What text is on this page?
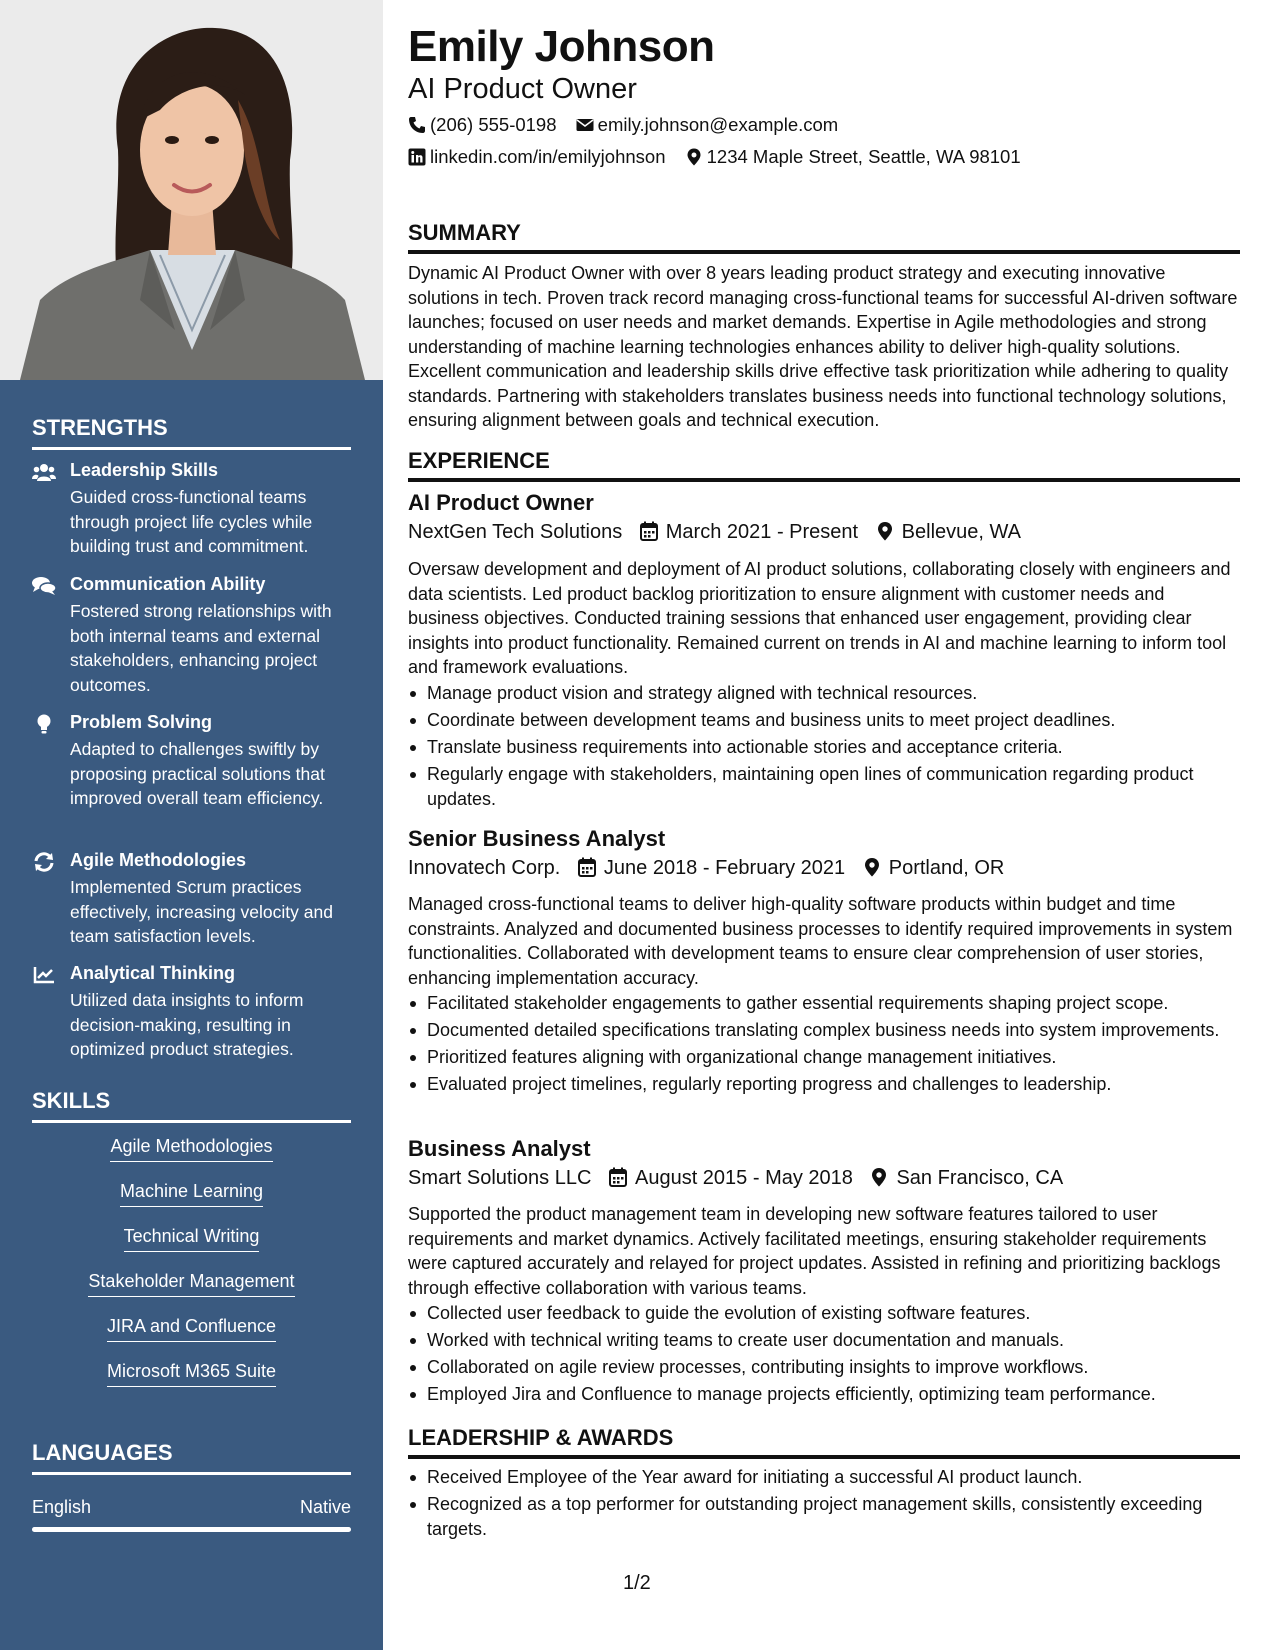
STRENGTHS
Leadership Skills
Guided cross-functional teams through project life cycles while building trust and commitment.
Communication Ability
Fostered strong relationships with both internal teams and external stakeholders, enhancing project outcomes.
Problem Solving
Adapted to challenges swiftly by proposing practical solutions that improved overall team efficiency.
Agile Methodologies
Implemented Scrum practices effectively, increasing velocity and team satisfaction levels.
Analytical Thinking
Utilized data insights to inform decision-making, resulting in optimized product strategies.
SKILLS
Agile Methodologies
Machine Learning
Technical Writing
Stakeholder Management
JIRA and Confluence
Microsoft M365 Suite
LANGUAGES
English	Native
Emily Johnson
AI Product Owner
(206) 555-0198 emily.johnson@example.com
linkedin.com/in/emilyjohnson 1234 Maple Street, Seattle, WA 98101
SUMMARY
Dynamic AI Product Owner with over 8 years leading product strategy and executing innovative solutions in tech. Proven track record managing cross-functional teams for successful AI-driven software launches; focused on user needs and market demands. Expertise in Agile methodologies and strong understanding of machine learning technologies enhances ability to deliver high-quality solutions. Excellent communication and leadership skills drive effective task prioritization while adhering to quality standards. Partnering with stakeholders translates business needs into functional technology solutions, ensuring alignment between goals and technical execution.
EXPERIENCE
AI Product Owner
NextGen Tech Solutions March 2021 - Present Bellevue, WA
Oversaw development and deployment of AI product solutions, collaborating closely with engineers and data scientists. Led product backlog prioritization to ensure alignment with customer needs and business objectives. Conducted training sessions that enhanced user engagement, providing clear insights into product functionality. Remained current on trends in AI and machine learning to inform tool and framework evaluations.
Manage product vision and strategy aligned with technical resources.
Coordinate between development teams and business units to meet project deadlines.
Translate business requirements into actionable stories and acceptance criteria.
Regularly engage with stakeholders, maintaining open lines of communication regarding product updates.
Senior Business Analyst
Innovatech Corp. June 2018 - February 2021 Portland, OR
Managed cross-functional teams to deliver high-quality software products within budget and time constraints. Analyzed and documented business processes to identify required improvements in system functionalities. Collaborated with development teams to ensure clear comprehension of user stories, enhancing implementation accuracy.
Facilitated stakeholder engagements to gather essential requirements shaping project scope.
Documented detailed specifications translating complex business needs into system improvements.
Prioritized features aligning with organizational change management initiatives.
Evaluated project timelines, regularly reporting progress and challenges to leadership.
Business Analyst
Smart Solutions LLC August 2015 - May 2018 San Francisco, CA
Supported the product management team in developing new software features tailored to user requirements and market dynamics. Actively facilitated meetings, ensuring stakeholder requirements were captured accurately and relayed for project updates. Assisted in refining and prioritizing backlogs through effective collaboration with various teams.
Collected user feedback to guide the evolution of existing software features.
Worked with technical writing teams to create user documentation and manuals.
Collaborated on agile review processes, contributing insights to improve workflows.
Employed Jira and Confluence to manage projects efficiently, optimizing team performance.
LEADERSHIP & AWARDS
Received Employee of the Year award for initiating a successful AI product launch.
Recognized as a top performer for outstanding project management skills, consistently exceeding targets.
1/2
